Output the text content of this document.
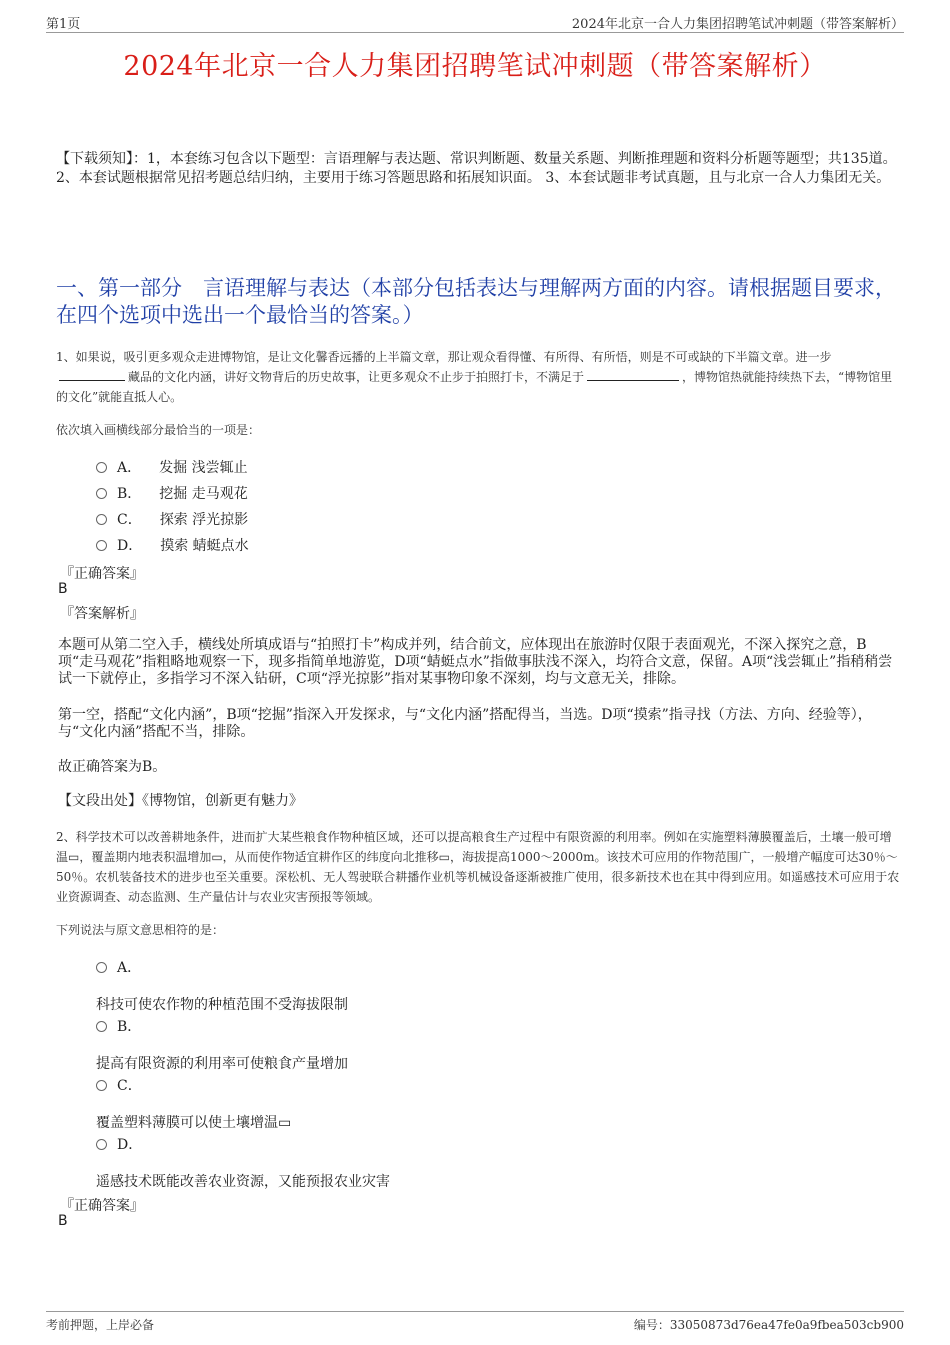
第1页	2024年北京一合人力集团招聘笔试冲刺题（带答案解析）
2024年北京一合人力集团招聘笔试冲刺题（带答案解析）
【下载须知】：1，本套练习包含以下题型：言语理解与表达题、常识判断题、数量关系题、判断推理题和资料分析题等题型；共135道。 2、本套试题根据常见招考题总结归纳，主要用于练习答题思路和拓展知识面。 3、本套试题非考试真题，且与北京一合人力集团无关。
一、第一部分　言语理解与表达（本部分包括表达与理解两方面的内容。请根据题目要求，在四个选项中选出一个最恰当的答案。）
1、如果说，吸引更多观众走进博物馆，是让文化馨香远播的上半篇文章，那让观众看得懂、有所得、有所悟，则是不可或缺的下半篇文章。进一步藏品的文化内涵，讲好文物背后的历史故事，让更多观众不止步于拍照打卡，不满足于	，博物馆热就能持续热下去，“博物馆里的文化”就能直抵人心。
依次填入画横线部分最恰当的一项是：
A． 发掘 浅尝辄止
B． 挖掘 走马观花
C． 探索 浮光掠影
D． 摸索 蜻蜓点水
『正确答案』
B
『答案解析』
本题可从第二空入手，横线处所填成语与“拍照打卡”构成并列，结合前文，应体现出在旅游时仅限于表面观光，不深入探究之意，B项“走马观花”指粗略地观察一下，现多指简单地游览，D项“蜻蜓点水”指做事肤浅不深入，均符合文意，保留。A项“浅尝辄止”指稍稍尝试一下就停止，多指学习不深入钻研，C项“浮光掠影”指对某事物印象不深刻，均与文意无关，排除。
第一空，搭配“文化内涵”，B项“挖掘”指深入开发探求，与“文化内涵”搭配得当，当选。D项“摸索”指寻找（方法、方向、经验等），与“文化内涵”搭配不当，排除。
故正确答案为B。
【文段出处】《博物馆，创新更有魅力》
2、科学技术可以改善耕地条件，进而扩大某些粮食作物种植区域，还可以提高粮食生产过程中有限资源的利用率。例如在实施塑料薄膜覆盖后，土壤一般可增温▭，覆盖期内地表积温增加▭，从而使作物适宜耕作区的纬度向北推移▭，海拔提高1000～2000m。该技术可应用的作物范围广，一般增产幅度可达30％～50％。农机装备技术的进步也至关重要。深松机、无人驾驶联合耕播作业机等机械设备逐渐被推广使用，很多新技术也在其中得到应用。如遥感技术可应用于农业资源调查、动态监测、生产量估计与农业灾害预报等领域。
下列说法与原文意思相符的是：
A．
科技可使农作物的种植范围不受海拔限制
B．
提高有限资源的利用率可使粮食产量增加
C．
覆盖塑料薄膜可以使土壤增温▭
D．
遥感技术既能改善农业资源，又能预报农业灾害
『正确答案』
B
考前押题，上岸必备	编号：33050873d76ea47fe0a9fbea503cb900
